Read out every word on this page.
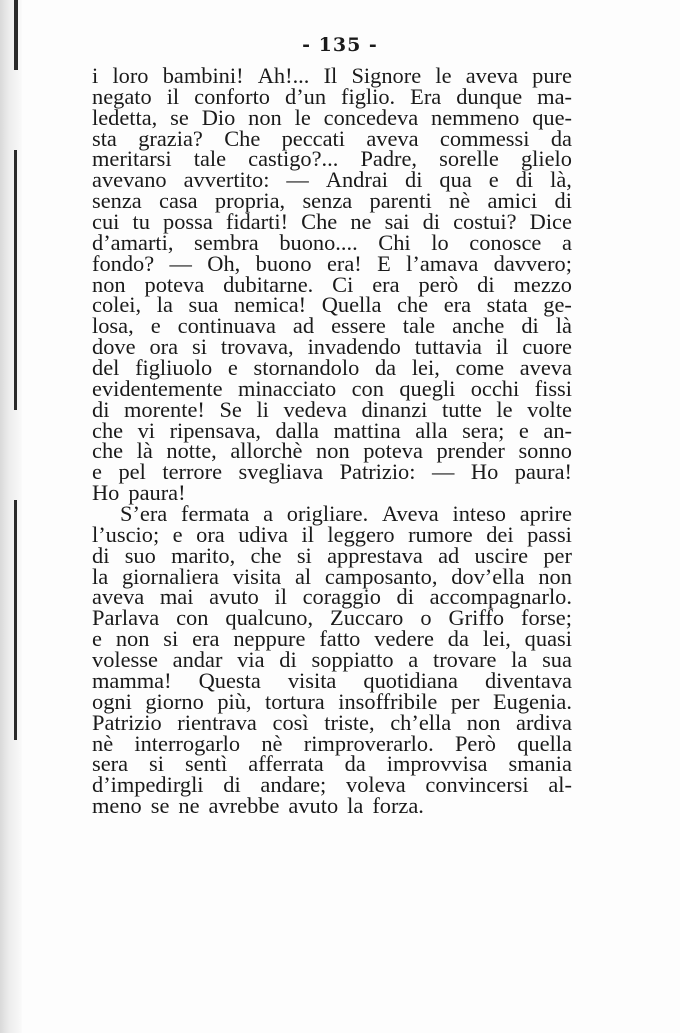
- 135 -
i loro bambini! Ah!... Il Signore le aveva pure
negato il conforto d’un figlio. Era dunque ma-
ledetta, se Dio non le concedeva nemmeno que-
sta grazia? Che peccati aveva commessi da
meritarsi tale castigo?... Padre, sorelle glielo
avevano avvertito: — Andrai di qua e di là,
senza casa propria, senza parenti nè amici di
cui tu possa fidarti! Che ne sai di costui? Dice
d’amarti, sembra buono.... Chi lo conosce a
fondo? — Oh, buono era! E l’amava davvero;
non poteva dubitarne. Ci era però di mezzo
colei, la sua nemica! Quella che era stata ge-
losa, e continuava ad essere tale anche di là
dove ora si trovava, invadendo tuttavia il cuore
del figliuolo e stornandolo da lei, come aveva
evidentemente minacciato con quegli occhi fissi
di morente! Se li vedeva dinanzi tutte le volte
che vi ripensava, dalla mattina alla sera; e an-
che là notte, allorchè non poteva prender sonno
e pel terrore svegliava Patrizio: — Ho paura!
Ho paura!
S’era fermata a origliare. Aveva inteso aprire
l’uscio; e ora udiva il leggero rumore dei passi
di suo marito, che si apprestava ad uscire per
la giornaliera visita al camposanto, dov’ella non
aveva mai avuto il coraggio di accompagnarlo.
Parlava con qualcuno, Zuccaro o Griffo forse;
e non si era neppure fatto vedere da lei, quasi
volesse andar via di soppiatto a trovare la sua
mamma! Questa visita quotidiana diventava
ogni giorno più, tortura insoffribile per Eugenia.
Patrizio rientrava così triste, ch’ella non ardiva
nè interrogarlo nè rimproverarlo. Però quella
sera si sentì afferrata da improvvisa smania
d’impedirgli di andare; voleva convincersi al-
meno se ne avrebbe avuto la forza.
